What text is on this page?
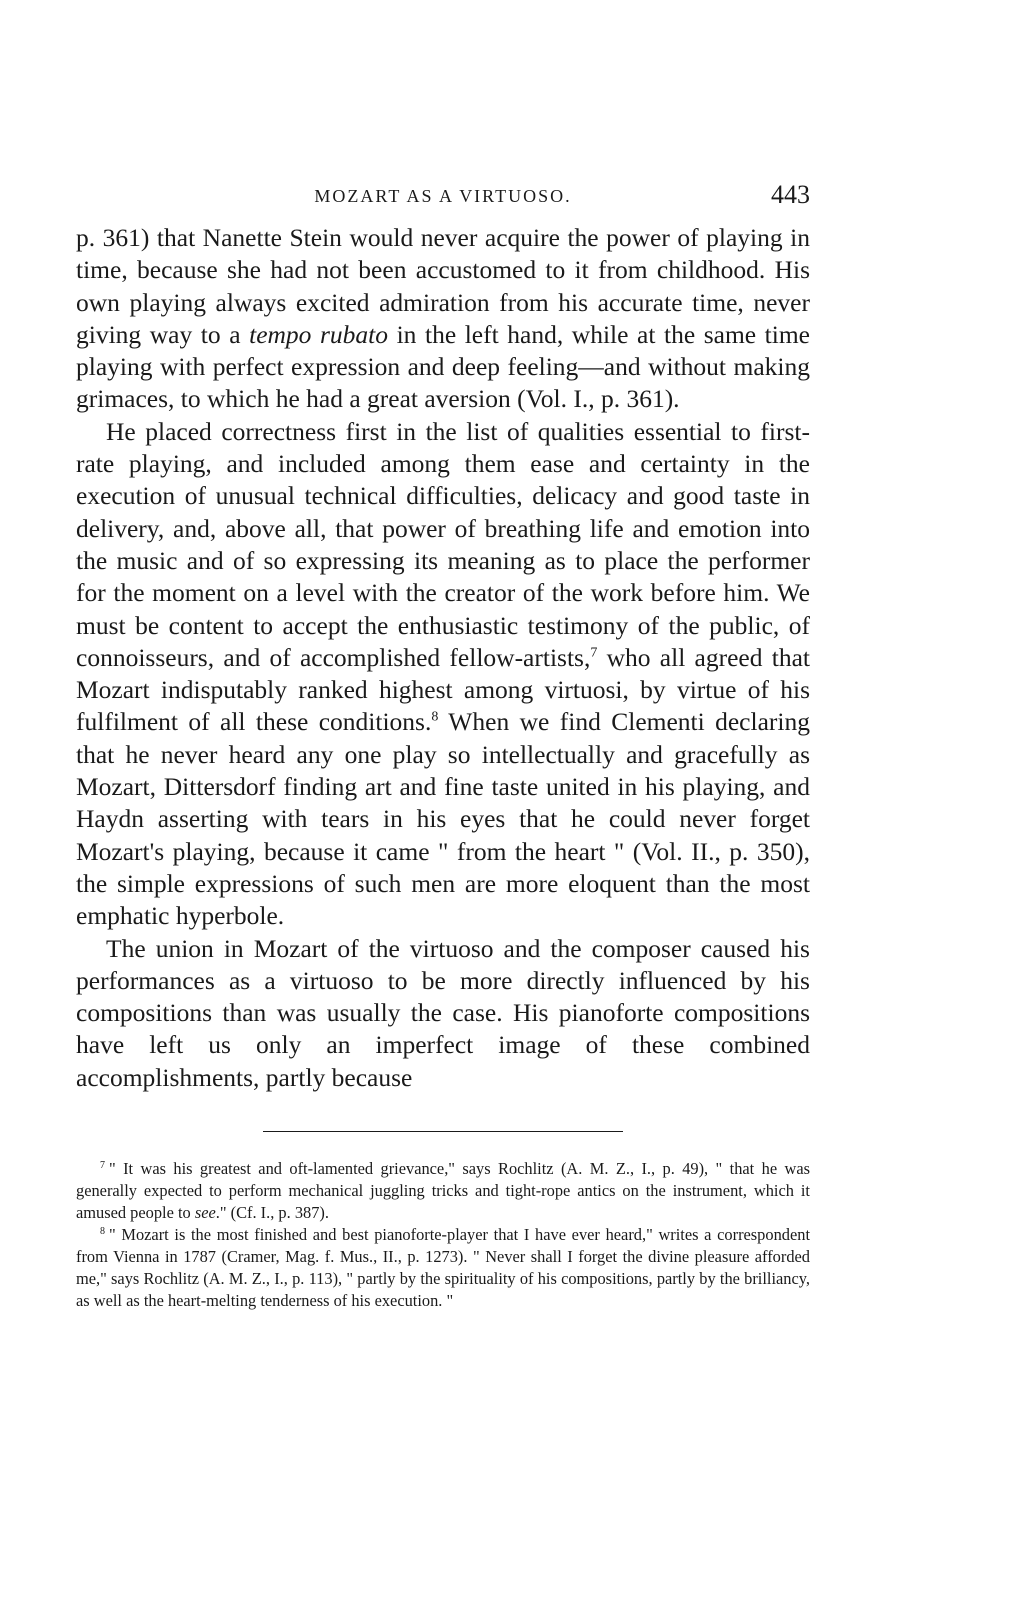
MOZART AS A VIRTUOSO.	443

p. 361) that Nanette Stein would never acquire the power of playing in time, because she had not been accustomed to it from childhood. His own playing always excited admiration from his accurate time, never giving way to a tempo rubato in the left hand, while at the same time playing with perfect expression and deep feeling—and without making grimaces, to which he had a great aversion (Vol. I., p. 361).

He placed correctness first in the list of qualities essential to first-rate playing, and included among them ease and certainty in the execution of unusual technical difficulties, delicacy and good taste in delivery, and, above all, that power of breathing life and emotion into the music and of so expressing its meaning as to place the performer for the moment on a level with the creator of the work before him. We must be content to accept the enthusiastic testimony of the public, of connoisseurs, and of accomplished fellow-artists,$^7$ who all agreed that Mozart indisputably ranked highest among virtuosi, by virtue of his fulfilment of all these conditions.$^8$ When we find Clementi declaring that he never heard any one play so intellectually and gracefully as Mozart, Dittersdorf finding art and fine taste united in his playing, and Haydn asserting with tears in his eyes that he could never forget Mozart's playing, because it came " from the heart " (Vol. II., p. 350), the simple expressions of such men are more eloquent than the most emphatic hyperbole.

The union in Mozart of the virtuoso and the composer caused his performances as a virtuoso to be more directly influenced by his compositions than was usually the case. His pianoforte compositions have left us only an imperfect image of these combined accomplishments, partly because

$^7$ " It was his greatest and oft-lamented grievance," says Rochlitz (A. M. Z., I., p. 49), " that he was generally expected to perform mechanical juggling tricks and tight-rope antics on the instrument, which it amused people to see." (Cf. I., p. 387).

$^8$ " Mozart is the most finished and best pianoforte-player that I have ever heard," writes a correspondent from Vienna in 1787 (Cramer, Mag. f. Mus., II., p. 1273). " Never shall I forget the divine pleasure afforded me," says Rochlitz (A. M. Z., I., p. 113), " partly by the spirituality of his compositions, partly by the brilliancy, as well as the heart-melting tenderness of his execution. "
